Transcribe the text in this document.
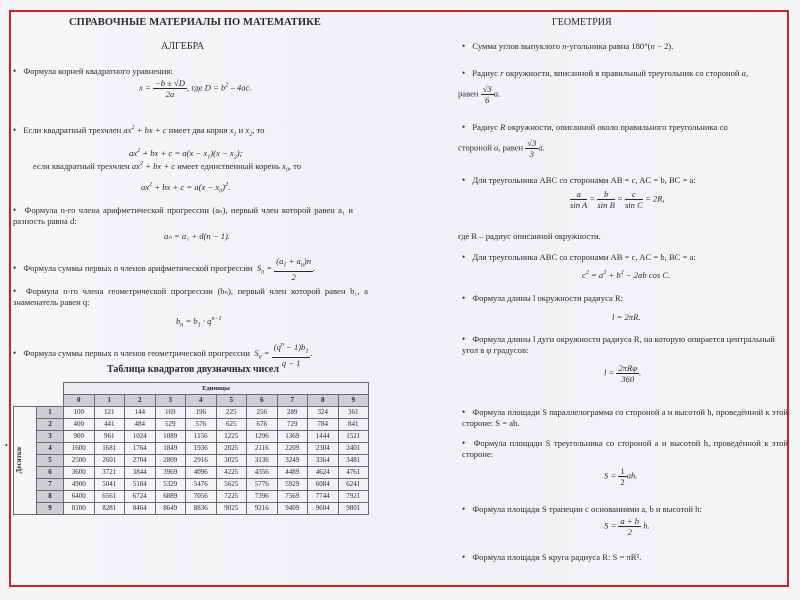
СПРАВОЧНЫЕ МАТЕРИАЛЫ ПО МАТЕМАТИКЕ
АЛГЕБРА
• Формула корней квадратного уравнения:
$x = \frac{-b \pm √D}{2a}$ , где $D = b^2 - 4ac$.
• Если квадратный трехчлен $ax^2$ + bx + c имеет два корня $x_1$ и $x_2$, то
$ax^2$ + bx + $c = a(x - x_1)(x - x_2)$;
если квадратный трехчлен $ax^2$ + bx + c имеет единственный корень $x_0$, то
$ax^2$ + bx + $c = a(x - x_0)^2$.
• Формула n-го члена арифметической прогрессии (aₙ), первый член которой равен a₁ и разность равна d:
aₙ = a₁ + d(n − 1).
• Формула суммы первых n членов арифметической прогрессии  $S_n = \frac{(a_1 + a_n)n}{2}$ .
• Формула n-го члена геометрической прогрессии (bₙ), первый член которой равен b₁, а знаменатель равен q:
$b_n = b_1 \cdot q^{n-1}$
• Формула суммы первых n членов геометрической прогрессии  $S_n = \frac{(q^n - 1)b_1}{q - 1}$ .
Таблица квадратов двузначных чисел
•
		Единицы									
		0	1	2	3	4	5	6	7	8	9

Десятки	1	100	121	144	169	196	225	256	289	324	361
	2	400	441	484	529	576	625	676	729	784	841
	3	900	961	1024	1089	1156	1225	1296	1369	1444	1521
	4	1600	1681	1764	1849	1936	2025	2116	2209	2304	2401
	5	2500	2601	2704	2809	2916	3025	3136	3249	3364	3481
	6	3600	3721	3844	3969	4096	4225	4356	4489	4624	4761
	7	4900	5041	5184	5329	5476	5625	5776	5929	6084	6241
	8	6400	6561	6724	6889	7056	7225	7396	7569	7744	7921
	9	8100	8281	8464	8649	8836	9025	9216	9409	9604	9801
ГЕОМЕТРИЯ
• Сумма углов выпуклого n-угольника равна 180°(n − 2).
• Радиус r окружности, вписанной в правильный треугольник со стороной a,
равен $\frac{√3}{6} a$.
• Радиус R окружности, описанной около правильного треугольника со
стороной a, равен $\frac{√3}{3} a$.
• Для треугольника ABC со сторонами AB = c, AC = b, BC = a:
$\frac{a}{\text{sin A}} = \frac{b}{\text{sin B}} = \frac{c}{\text{sin C}} = 2R$,
где R – радиус описанной окружности.
• Для треугольника ABC со сторонами AB = c, AC = b, BC = a:
$c^2 = a^2 + b^2 - 2ab$ cos C.
• Формула длины l окружности радиуса R:
l = 2πR.
• Формула длины l дуги окружности радиуса R, на которую опирается центральный угол в φ градусов:
l = 2πRφ
360
.
• Формула площади S параллелограмма со стороной a и высотой h, проведённой к этой стороне: S = ah.
• Формула площади S треугольника со стороной a и высотой h, проведённой к этой стороне:
$S = \frac{1}{2}$ ah.
• Формула площади S трапеции с основаниями a, b и высотой h:
$S = \frac{a + b}{2} h$.
• Формула площади S круга радиуса R: S = πR².
